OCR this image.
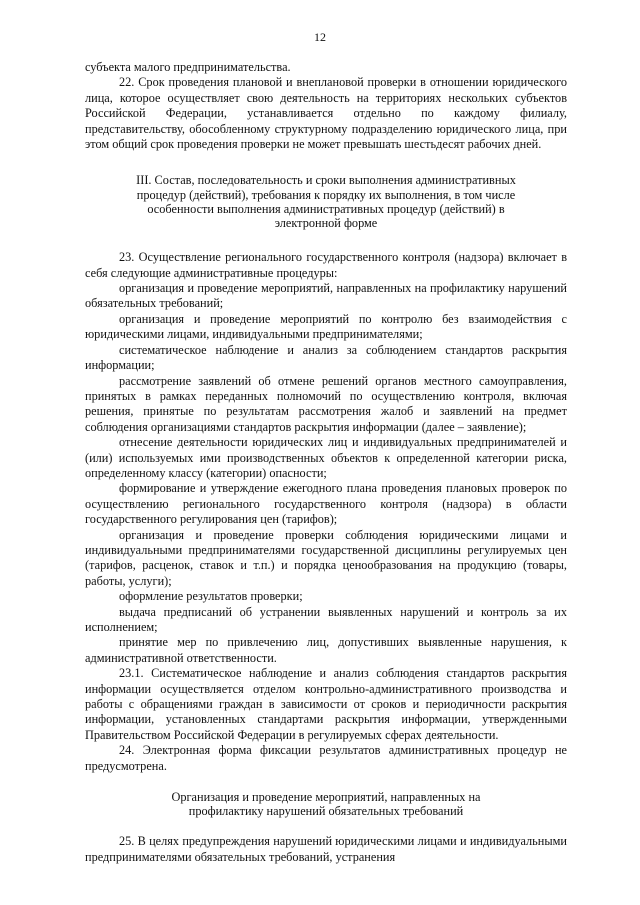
12

субъекта малого предпринимательства.

22. Срок проведения плановой и внеплановой проверки в отношении юридического лица, которое осуществляет свою деятельность на территориях нескольких субъектов Российской Федерации, устанавливается отдельно по каждому филиалу, представительству, обособленному структурному подразделению юридического лица, при этом общий срок проведения проверки не может превышать шестьдесят рабочих дней.

III. Состав, последовательность и сроки выполнения административных процедур (действий), требования к порядку их выполнения, в том числе особенности выполнения административных процедур (действий) в электронной форме

23. Осуществление регионального государственного контроля (надзора) включает в себя следующие административные процедуры:

организация и проведение мероприятий, направленных на профилактику нарушений обязательных требований;

организация и проведение мероприятий по контролю без взаимодействия с юридическими лицами, индивидуальными предпринимателями;

систематическое наблюдение и анализ за соблюдением стандартов раскрытия информации;

рассмотрение заявлений об отмене решений органов местного самоуправления, принятых в рамках переданных полномочий по осуществлению контроля, включая решения, принятые по результатам рассмотрения жалоб и заявлений на предмет соблюдения организациями стандартов раскрытия информации (далее – заявление);

отнесение деятельности юридических лиц и индивидуальных предпринимателей и (или) используемых ими производственных объектов к определенной категории риска, определенному классу (категории) опасности;

формирование и утверждение ежегодного плана проведения плановых проверок по осуществлению регионального государственного контроля (надзора) в области государственного регулирования цен (тарифов);

организация и проведение проверки соблюдения юридическими лицами и индивидуальными предпринимателями государственной дисциплины регулируемых цен (тарифов, расценок, ставок и т.п.) и порядка ценообразования на продукцию (товары, работы, услуги);

оформление результатов проверки;

выдача предписаний об устранении выявленных нарушений и контроль за их исполнением;

принятие мер по привлечению лиц, допустивших выявленные нарушения, к административной ответственности.

23.1. Систематическое наблюдение и анализ соблюдения стандартов раскрытия информации осуществляется отделом контрольно-административного производства и работы с обращениями граждан в зависимости от сроков и периодичности раскрытия информации, установленных стандартами раскрытия информации, утвержденными Правительством Российской Федерации в регулируемых сферах деятельности.

24. Электронная форма фиксации результатов административных процедур не предусмотрена.

Организация и проведение мероприятий, направленных на профилактику нарушений обязательных требований

25. В целях предупреждения нарушений юридическими лицами и индивидуальными предпринимателями обязательных требований, устранения
